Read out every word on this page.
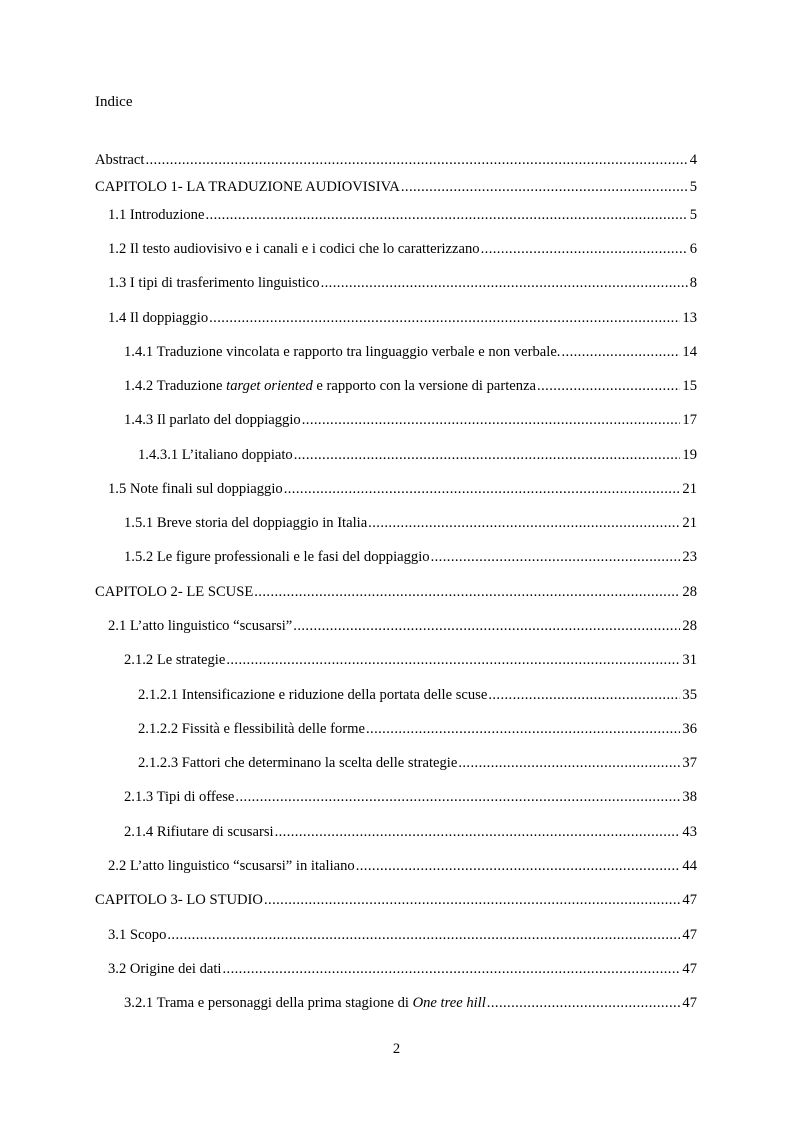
Indice
Abstract .....	4
CAPITOLO 1- LA TRADUZIONE AUDIOVISIVA .....	5
1.1 Introduzione .....	5
1.2 Il testo audiovisivo e i canali e i codici che lo caratterizzano .....	6
1.3 I tipi di trasferimento linguistico .....	8
1.4 Il doppiaggio .....	13
1.4.1 Traduzione vincolata e rapporto tra linguaggio verbale e non verbale. .....	14
1.4.2 Traduzione target oriented e rapporto con la versione di partenza .....	15
1.4.3 Il parlato del doppiaggio .....	17
1.4.3.1 L’italiano doppiato .....	19
1.5 Note finali sul doppiaggio .....	21
1.5.1 Breve storia del doppiaggio in Italia .....	21
1.5.2 Le figure professionali e le fasi del doppiaggio .....	23
CAPITOLO 2- LE SCUSE .....	28
2.1 L’atto linguistico “scusarsi” .....	28
2.1.2 Le strategie .....	31
2.1.2.1 Intensificazione e riduzione della portata delle scuse .....	35
2.1.2.2 Fissità e flessibilità delle forme .....	36
2.1.2.3 Fattori che determinano la scelta delle strategie .....	37
2.1.3 Tipi di offese .....	38
2.1.4 Rifiutare di scusarsi .....	43
2.2 L’atto linguistico “scusarsi” in italiano .....	44
CAPITOLO 3- LO STUDIO .....	47
3.1 Scopo .....	47
3.2 Origine dei dati .....	47
3.2.1 Trama e personaggi della prima stagione di One tree hill .....	47
2
